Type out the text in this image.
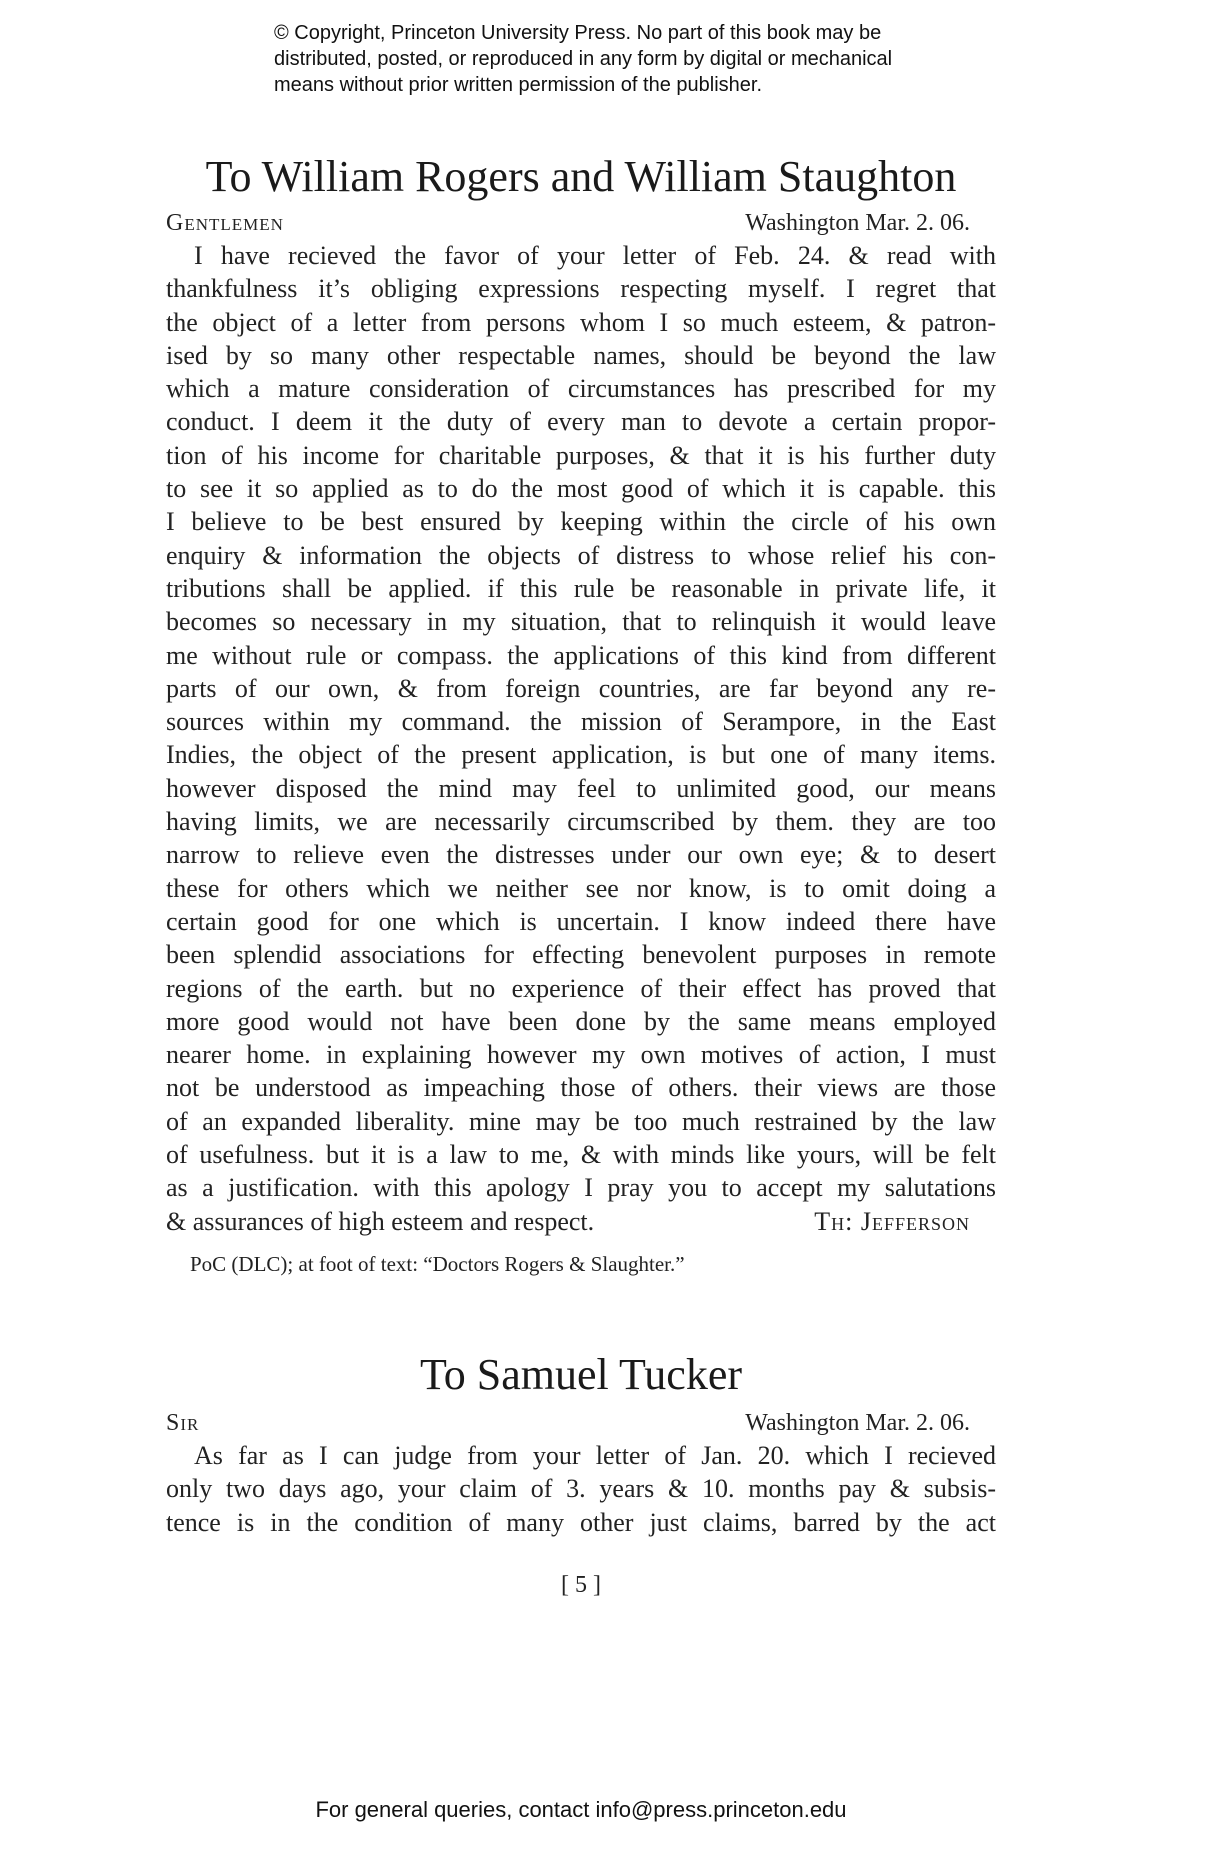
© Copyright, Princeton University Press. No part of this book may be
distributed, posted, or reproduced in any form by digital or mechanical
means without prior written permission of the publisher.
To William Rogers and William Staughton
Gentlemen	Washington Mar. 2. 06.
I have recieved the favor of your letter of Feb. 24. & read with
thankfulness it’s obliging expressions respecting myself. I regret that
the object of a letter from persons whom I so much esteem, & patron-
ised by so many other respectable names, should be beyond the law
which a mature consideration of circumstances has prescribed for my
conduct. I deem it the duty of every man to devote a certain propor-
tion of his income for charitable purposes, & that it is his further duty
to see it so applied as to do the most good of which it is capable. this
I believe to be best ensured by keeping within the circle of his own
enquiry & information the objects of distress to whose relief his con-
tributions shall be applied. if this rule be reasonable in private life, it
becomes so necessary in my situation, that to relinquish it would leave
me without rule or compass. the applications of this kind from different
parts of our own, & from foreign countries, are far beyond any re-
sources within my command. the mission of Serampore, in the East
Indies, the object of the present application, is but one of many items.
however disposed the mind may feel to unlimited good, our means
having limits, we are necessarily circumscribed by them. they are too
narrow to relieve even the distresses under our own eye; & to desert
these for others which we neither see nor know, is to omit doing a
certain good for one which is uncertain. I know indeed there have
been splendid associations for effecting benevolent purposes in remote
regions of the earth. but no experience of their effect has proved that
more good would not have been done by the same means employed
nearer home. in explaining however my own motives of action, I must
not be understood as impeaching those of others. their views are those
of an expanded liberality. mine may be too much restrained by the law
of usefulness. but it is a law to me, & with minds like yours, will be felt
as a justification. with this apology I pray you to accept my salutations
& assurances of high esteem and respect.	Th: Jefferson
PoC (DLC); at foot of text: “Doctors Rogers & Slaughter.”
To Samuel Tucker
Sir	Washington Mar. 2. 06.
As far as I can judge from your letter of Jan. 20. which I recieved
only two days ago, your claim of 3. years & 10. months pay & subsis-
tence is in the condition of many other just claims, barred by the act
[ 5 ]
For general queries, contact info@press.princeton.edu
